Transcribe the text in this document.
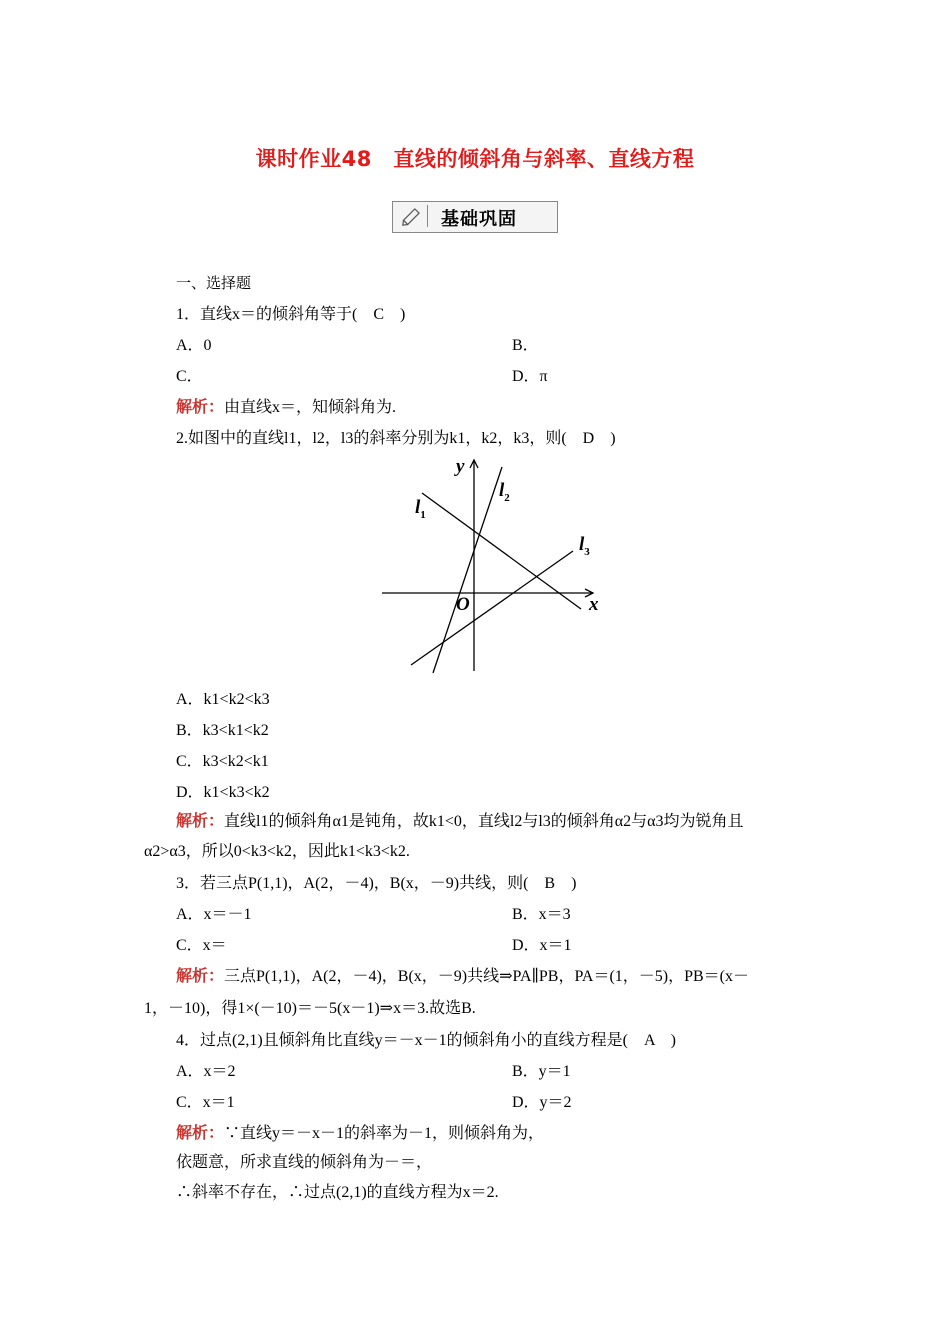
课时作业48　直线的倾斜角与斜率、直线方程
基础巩固
一、选择题
1．直线x＝的倾斜角等于(　C　)
A．0	B．
C．	D．π
解析：由直线x＝，知倾斜角为.
2.如图中的直线l1，l2，l3的斜率分别为k1，k2，k3，则(　D　)
y
x
O
$l_1$
$l_2$
$l_3$
A．k1<k2<k3
B．k3<k1<k2
C．k3<k2<k1
D．k1<k3<k2
解析：直线l1的倾斜角α1是钝角，故k1<0，直线l2与l3的倾斜角α2与α3均为锐角且
α2>α3，所以0<k3<k2，因此k1<k3<k2.
3．若三点P(1,1)，A(2，－4)，B(x，－9)共线，则(　B　)
A．x＝－1	B．x＝3
C．x＝	D．x＝1
解析：三点P(1,1)，A(2，－4)，B(x，－9)共线⇒PA∥PB，PA＝(1，－5)，PB＝(x－
1，－10)，得1×(－10)＝－5(x－1)⇒x＝3.故选B.
4．过点(2,1)且倾斜角比直线y＝－x－1的倾斜角小的直线方程是(　A　)
A．x＝2	B．y＝1
C．x＝1	D．y＝2
解析：∵直线y＝－x－1的斜率为－1，则倾斜角为，
依题意，所求直线的倾斜角为－＝，
∴斜率不存在，∴过点(2,1)的直线方程为x＝2.
